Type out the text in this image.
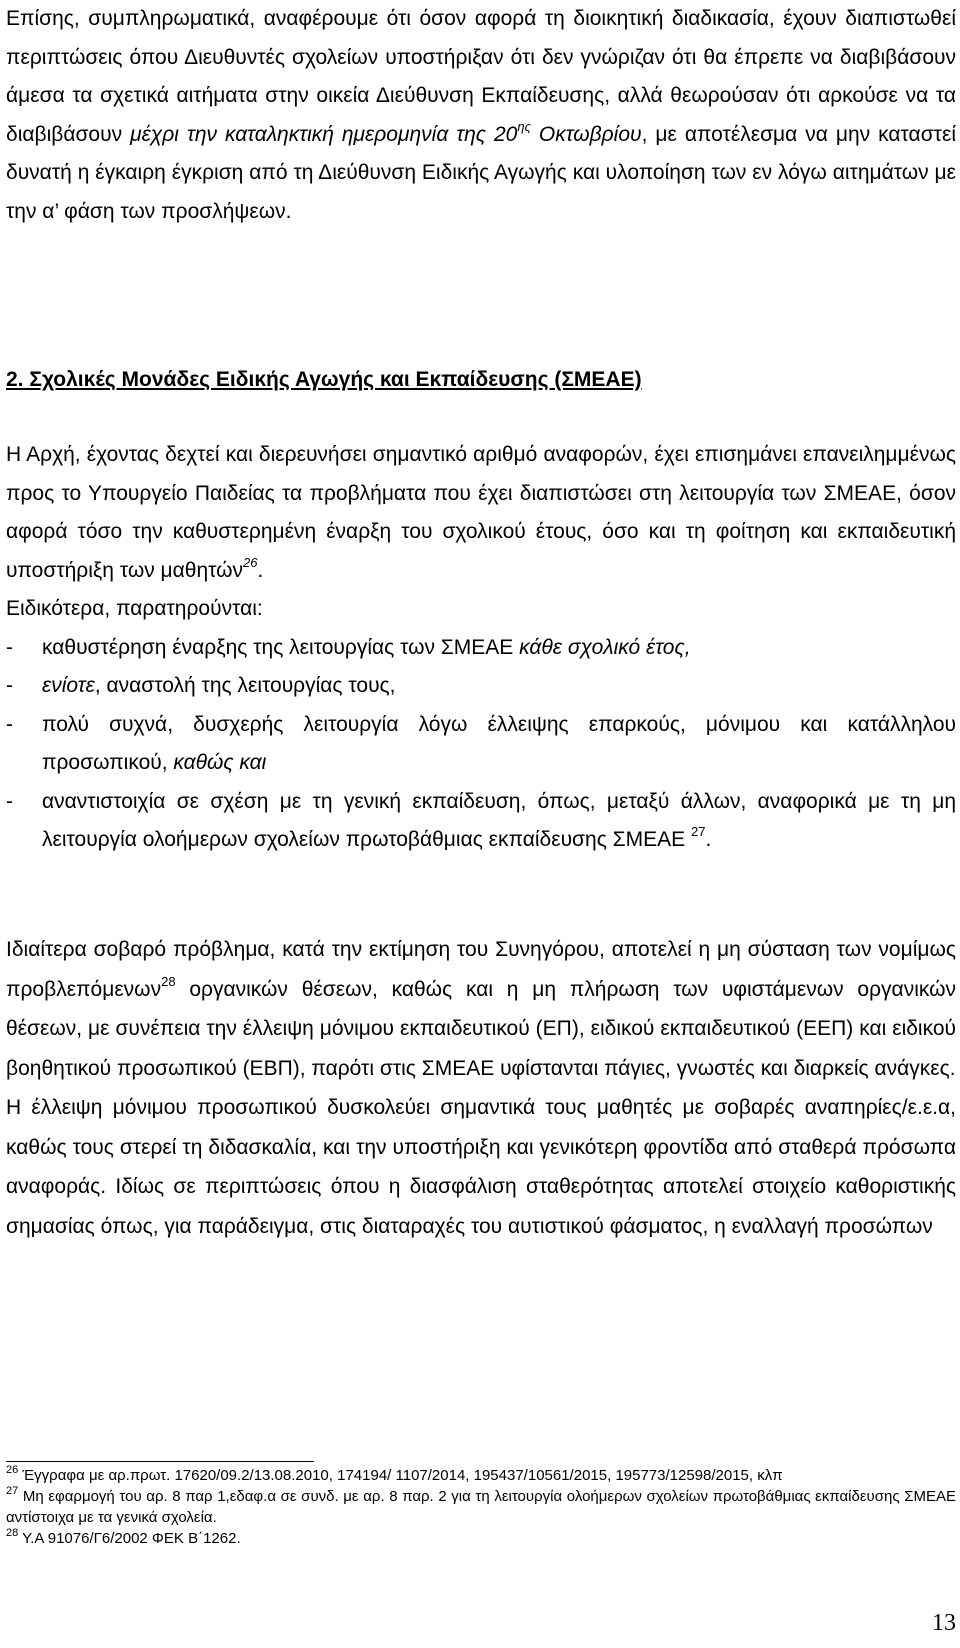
Επίσης, συμπληρωματικά, αναφέρουμε ότι όσον αφορά τη διοικητική διαδικασία, έχουν διαπιστωθεί περιπτώσεις όπου Διευθυντές σχολείων υποστήριξαν ότι δεν γνώριζαν ότι θα έπρεπε να διαβιβάσουν άμεσα τα σχετικά αιτήματα στην οικεία Διεύθυνση Εκπαίδευσης, αλλά θεωρούσαν ότι αρκούσε να τα διαβιβάσουν μέχρι την καταληκτική ημερομηνία της $20^{\eta\varsigma}$ Οκτωβρίου, με αποτέλεσμα να μην καταστεί δυνατή η έγκαιρη έγκριση από τη Διεύθυνση Ειδικής Αγωγής και υλοποίηση των εν λόγω αιτημάτων με την α’ φάση των προσλήψεων.

2. Σχολικές Μονάδες Ειδικής Αγωγής και Εκπαίδευσης (ΣΜΕΑΕ)

Η Αρχή, έχοντας δεχτεί και διερευνήσει σημαντικό αριθμό αναφορών, έχει επισημάνει επανειλημμένως προς το Υπουργείο Παιδείας τα προβλήματα που έχει διαπιστώσει στη λειτουργία των ΣΜΕΑΕ, όσον αφορά τόσο την καθυστερημένη έναρξη του σχολικού έτους, όσο και τη φοίτηση και εκπαιδευτική υποστήριξη των μαθητών$^{26}$.
Ειδικότερα, παρατηρούνται:
- καθυστέρηση έναρξης της λειτουργίας των ΣΜΕΑΕ κάθε σχολικό έτος,
- ενίοτε, αναστολή της λειτουργίας τους,
- πολύ συχνά, δυσχερής λειτουργία λόγω έλλειψης επαρκούς, μόνιμου και κατάλληλου προσωπικού, καθώς και
- αναντιστοιχία σε σχέση με τη γενική εκπαίδευση, όπως, μεταξύ άλλων, αναφορικά με τη μη λειτουργία ολοήμερων σχολείων πρωτοβάθμιας εκπαίδευσης ΣΜΕΑΕ $^{27}$.
Ιδιαίτερα σοβαρό πρόβλημα, κατά την εκτίμηση του Συνηγόρου, αποτελεί η μη σύσταση των νομίμως προβλεπόμενων$^{28}$ οργανικών θέσεων, καθώς και η μη πλήρωση των υφιστάμενων οργανικών θέσεων, με συνέπεια την έλλειψη μόνιμου εκπαιδευτικού (ΕΠ), ειδικού εκπαιδευτικού (ΕΕΠ) και ειδικού βοηθητικού προσωπικού (ΕΒΠ), παρότι στις ΣΜΕΑΕ υφίστανται πάγιες, γνωστές και διαρκείς ανάγκες.
Η έλλειψη μόνιμου προσωπικού δυσκολεύει σημαντικά τους μαθητές με σοβαρές αναπηρίες/ε.ε.α, καθώς τους στερεί τη διδασκαλία, και την υποστήριξη και γενικότερη φροντίδα από σταθερά πρόσωπα αναφοράς. Ιδίως σε περιπτώσεις όπου η διασφάλιση σταθερότητας αποτελεί στοιχείο καθοριστικής σημασίας όπως, για παράδειγμα, στις διαταραχές του αυτιστικού φάσματος, η εναλλαγή προσώπων

$^{26}$ Έγγραφα με αρ.πρωτ. 17620/09.2/13.08.2010, 174194/ 1107/2014, 195437/10561/2015, 195773/12598/2015, κλπ

$^{27}$ Μη εφαρμογή του αρ. 8 παρ 1,εδαφ.α σε συνδ. με αρ. 8 παρ. 2 για τη λειτουργία ολοήμερων σχολείων πρωτοβάθμιας εκπαίδευσης ΣΜΕΑΕ αντίστοιχα με τα γενικά σχολεία.

$^{28}$ Υ.Α 91076/Γ6/2002 ΦΕΚ Β΄1262.

13
